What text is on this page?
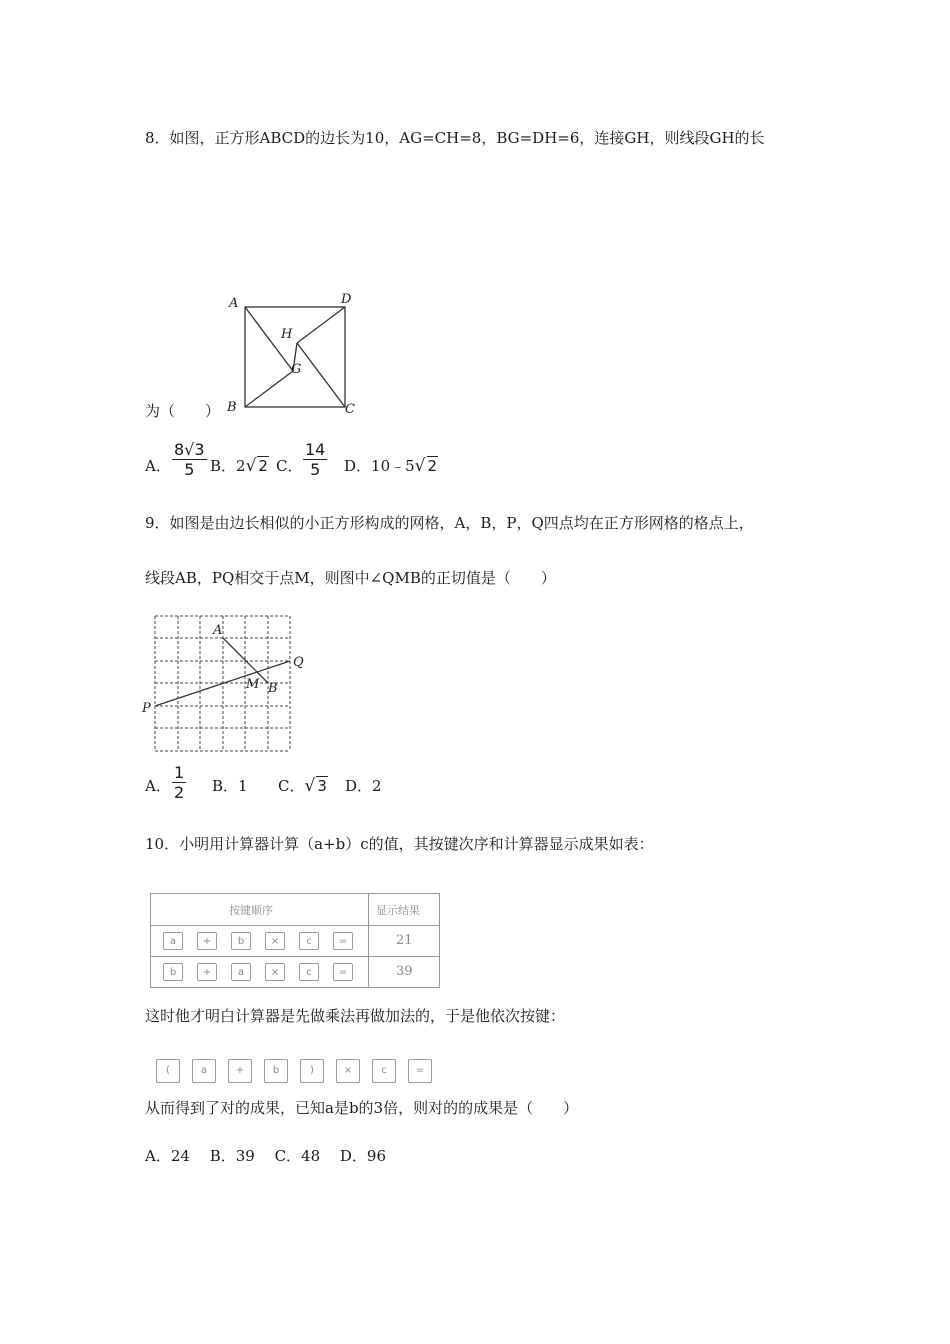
8．如图，正方形ABCD的边长为10，AG=CH=8，BG=DH=6，连接GH，则线段GH的长
A	D
B	C
H
G
为（　　）
A． $\frac{8√3}{5}$ B．2√ 2 C． $\frac{14}{5}$ D．10﹣5√ 2
9．如图是由边长相似的小正方形构成的网格，A，B，P，Q四点均在正方形网格的格点上，
线段AB，PQ相交于点M，则图中∠QMB的正切值是（　　）
A
Q
M B
P
A． $\frac{1}{2}$ B．1 C．√ 3 D．2
10．小明用计算器计算（a+b）c的值，其按键次序和计算器显示成果如表：
按键顺序	显示结果
a	+	b	×	c	=	21
b	+	a	×	c	=	39
这时他才明白计算器是先做乘法再做加法的，于是他依次按键：
(	a	+	b	)	×	c	=
从而得到了对的成果，已知a是b的3倍，则对的的成果是（　　）
A．24　 B．39　 C．48　 D．96
